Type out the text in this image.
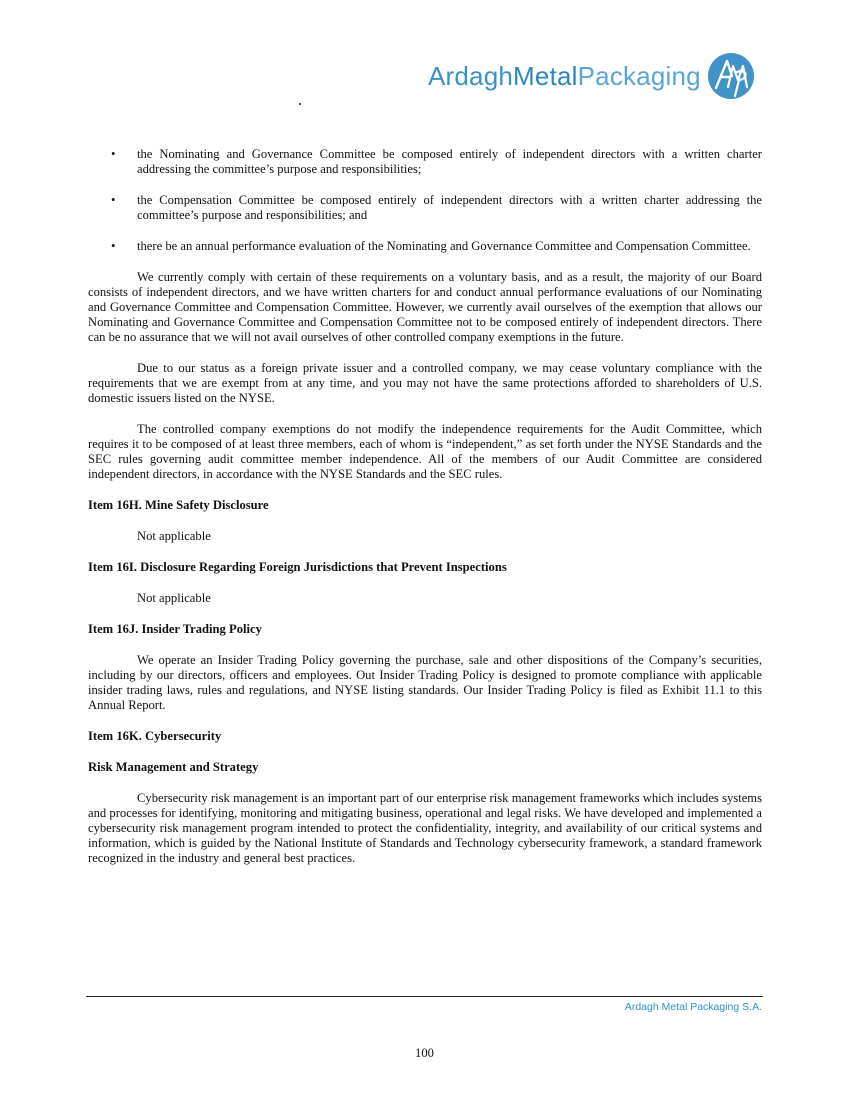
ArdaghMetalPackaging
• the Nominating and Governance Committee be composed entirely of independent directors with a written charter addressing the committee’s purpose and responsibilities;
• the Compensation Committee be composed entirely of independent directors with a written charter addressing the committee’s purpose and responsibilities; and
• there be an annual performance evaluation of the Nominating and Governance Committee and Compensation Committee.

We currently comply with certain of these requirements on a voluntary basis, and as a result, the majority of our Board consists of independent directors, and we have written charters for and conduct annual performance evaluations of our Nominating and Governance Committee and Compensation Committee. However, we currently avail ourselves of the exemption that allows our Nominating and Governance Committee and Compensation Committee not to be composed entirely of independent directors. There can be no assurance that we will not avail ourselves of other controlled company exemptions in the future.

Due to our status as a foreign private issuer and a controlled company, we may cease voluntary compliance with the requirements that we are exempt from at any time, and you may not have the same protections afforded to shareholders of U.S. domestic issuers listed on the NYSE.

The controlled company exemptions do not modify the independence requirements for the Audit Committee, which requires it to be composed of at least three members, each of whom is “independent,” as set forth under the NYSE Standards and the SEC rules governing audit committee member independence. All of the members of our Audit Committee are considered independent directors, in accordance with the NYSE Standards and the SEC rules.

Item 16H. Mine Safety Disclosure

Not applicable

Item 16I. Disclosure Regarding Foreign Jurisdictions that Prevent Inspections

Not applicable

Item 16J. Insider Trading Policy

We operate an Insider Trading Policy governing the purchase, sale and other dispositions of the Company’s securities, including by our directors, officers and employees. Out Insider Trading Policy is designed to promote compliance with applicable insider trading laws, rules and regulations, and NYSE listing standards. Our Insider Trading Policy is filed as Exhibit 11.1 to this Annual Report.

Item 16K. Cybersecurity
Risk Management and Strategy

Cybersecurity risk management is an important part of our enterprise risk management frameworks which includes systems and processes for identifying, monitoring and mitigating business, operational and legal risks. We have developed and implemented a cybersecurity risk management program intended to protect the confidentiality, integrity, and availability of our critical systems and information, which is guided by the National Institute of Standards and Technology cybersecurity framework, a standard framework recognized in the industry and general best practices.

Ardagh Metal Packaging S.A.
100
